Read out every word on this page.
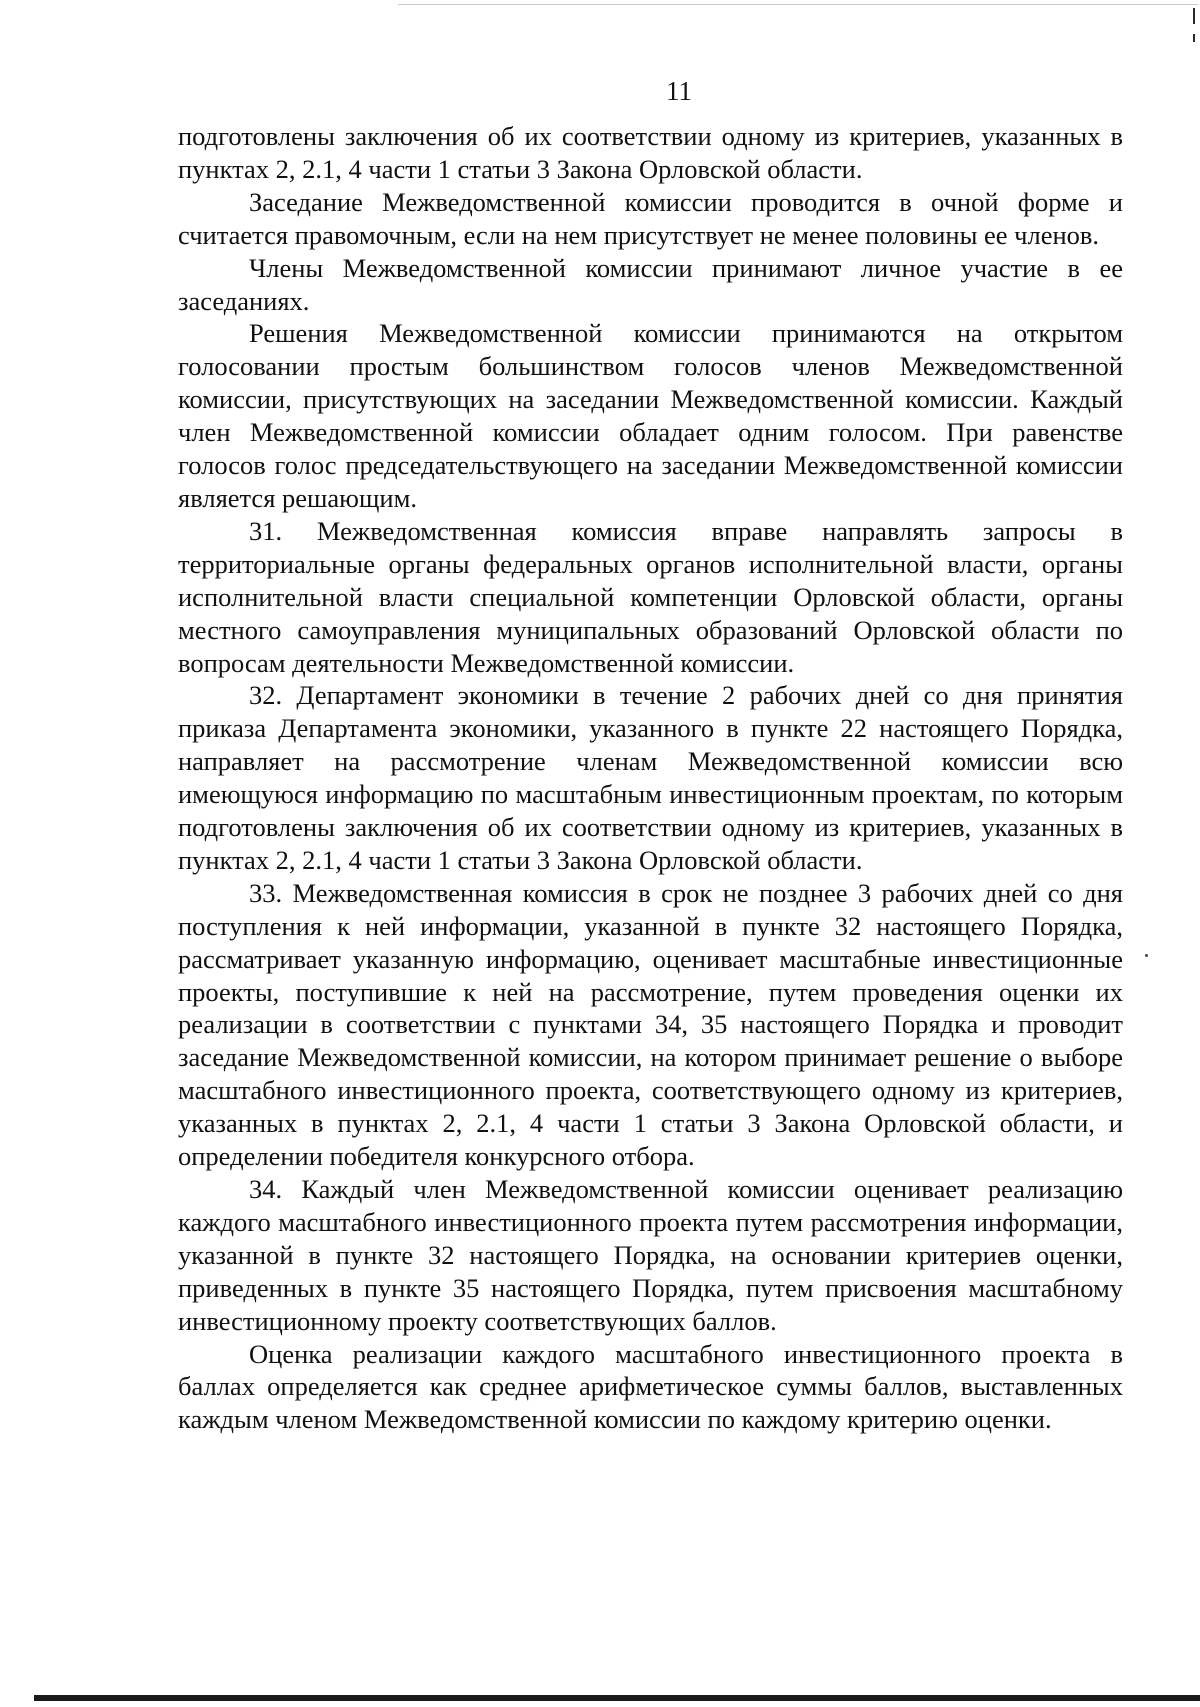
11

подготовлены заключения об их соответствии одному из критериев, указанных в пунктах 2, 2.1, 4 части 1 статьи 3 Закона Орловской области.

Заседание Межведомственной комиссии проводится в очной форме и считается правомочным, если на нем присутствует не менее половины ее членов.

Члены Межведомственной комиссии принимают личное участие в ее заседаниях.

Решения Межведомственной комиссии принимаются на открытом голосовании простым большинством голосов членов Межведомственной комиссии, присутствующих на заседании Межведомственной комиссии. Каждый член Межведомственной комиссии обладает одним голосом. При равенстве голосов голос председательствующего на заседании Межведомственной комиссии является решающим.

31. Межведомственная комиссия вправе направлять запросы в территориальные органы федеральных органов исполнительной власти, органы исполнительной власти специальной компетенции Орловской области, органы местного самоуправления муниципальных образований Орловской области по вопросам деятельности Межведомственной комиссии.

32. Департамент экономики в течение 2 рабочих дней со дня принятия приказа Департамента экономики, указанного в пункте 22 настоящего Порядка, направляет на рассмотрение членам Межведомственной комиссии всю имеющуюся информацию по масштабным инвестиционным проектам, по которым подготовлены заключения об их соответствии одному из критериев, указанных в пунктах 2, 2.1, 4 части 1 статьи 3 Закона Орловской области.

33. Межведомственная комиссия в срок не позднее 3 рабочих дней со дня поступления к ней информации, указанной в пункте 32 настоящего Порядка, рассматривает указанную информацию, оценивает масштабные инвестиционные проекты, поступившие к ней на рассмотрение, путем проведения оценки их реализации в соответствии с пунктами 34, 35 настоящего Порядка и проводит заседание Межведомственной комиссии, на котором принимает решение о выборе масштабного инвестиционного проекта, соответствующего одному из критериев, указанных в пунктах 2, 2.1, 4 части 1 статьи 3 Закона Орловской области, и определении победителя конкурсного отбора.

34. Каждый член Межведомственной комиссии оценивает реализацию каждого масштабного инвестиционного проекта путем рассмотрения информации, указанной в пункте 32 настоящего Порядка, на основании критериев оценки, приведенных в пункте 35 настоящего Порядка, путем присвоения масштабному инвестиционному проекту соответствующих баллов.

Оценка реализации каждого масштабного инвестиционного проекта в баллах определяется как среднее арифметическое суммы баллов, выставленных каждым членом Межведомственной комиссии по каждому критерию оценки.
